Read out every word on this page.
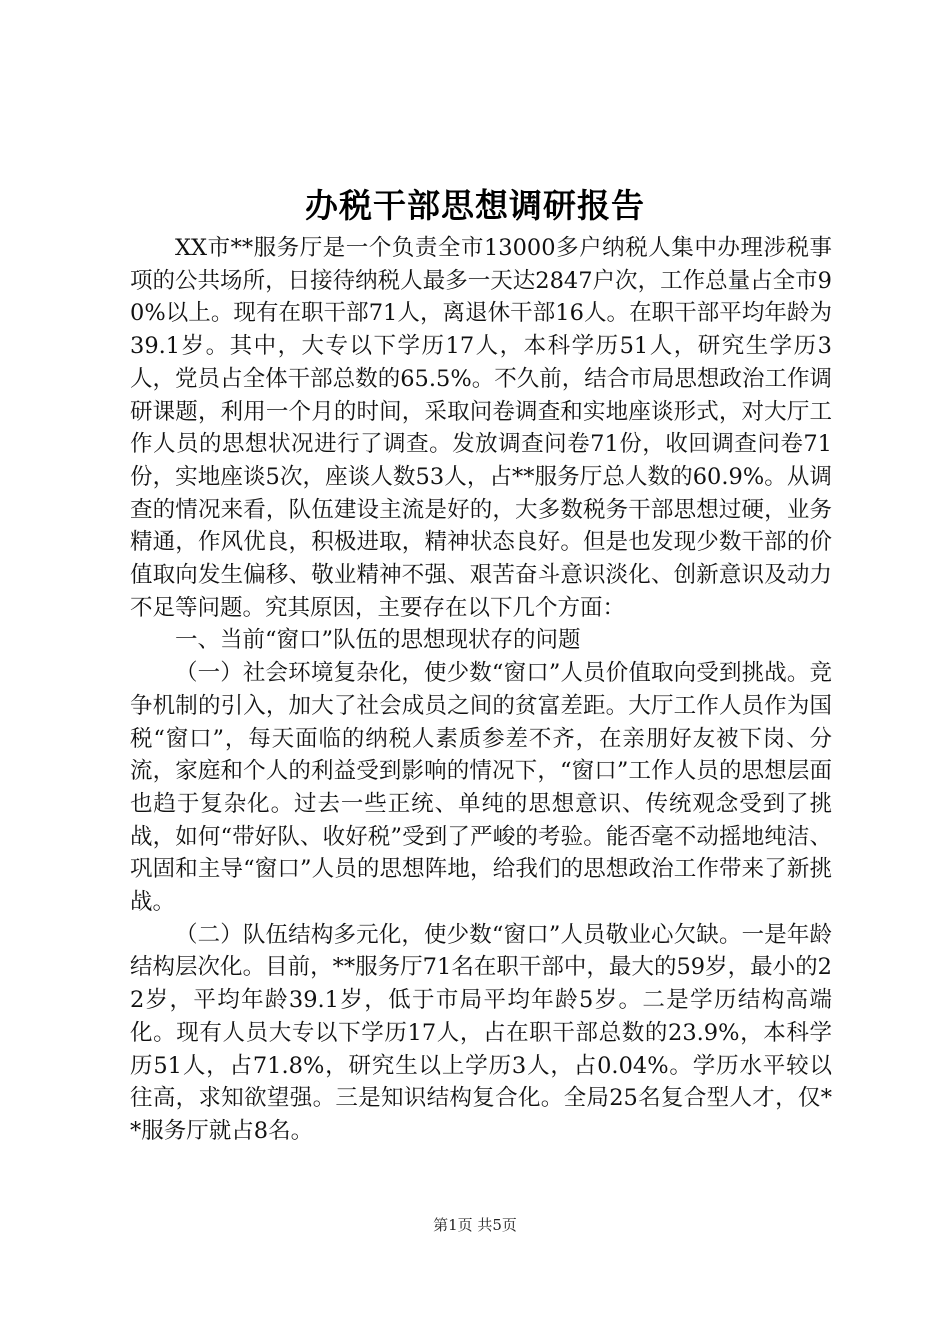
办税干部思想调研报告

XX市**服务厅是一个负责全市13000多户纳税人集中办理涉税事项的公共场所，日接待纳税人最多一天达2847户次，工作总量占全市90%以上。现有在职干部71人，离退休干部16人。在职干部平均年龄为39.1岁。其中，大专以下学历17人，本科学历51人，研究生学历3人，党员占全体干部总数的65.5%。不久前，结合市局思想政治工作调研课题，利用一个月的时间，采取问卷调查和实地座谈形式，对大厅工作人员的思想状况进行了调查。发放调查问卷71份，收回调查问卷71份，实地座谈5次，座谈人数53人，占**服务厅总人数的60.9%。从调查的情况来看，队伍建设主流是好的，大多数税务干部思想过硬，业务精通，作风优良，积极进取，精神状态良好。但是也发现少数干部的价值取向发生偏移、敬业精神不强、艰苦奋斗意识淡化、创新意识及动力不足等问题。究其原因，主要存在以下几个方面：

一、当前“窗口”队伍的思想现状存的问题

（一）社会环境复杂化，使少数“窗口”人员价值取向受到挑战。竞争机制的引入，加大了社会成员之间的贫富差距。大厅工作人员作为国税“窗口”，每天面临的纳税人素质参差不齐，在亲朋好友被下岗、分流，家庭和个人的利益受到影响的情况下，“窗口”工作人员的思想层面也趋于复杂化。过去一些正统、单纯的思想意识、传统观念受到了挑战，如何“带好队、收好税”受到了严峻的考验。能否毫不动摇地纯洁、巩固和主导“窗口”人员的思想阵地，给我们的思想政治工作带来了新挑战。

（二）队伍结构多元化，使少数“窗口”人员敬业心欠缺。一是年龄结构层次化。目前，**服务厅71名在职干部中，最大的59岁，最小的22岁，平均年龄39.1岁，低于市局平均年龄5岁。二是学历结构高端化。现有人员大专以下学历17人，占在职干部总数的23.9%，本科学历51人，占71.8%，研究生以上学历3人，占0.04%。学历水平较以往高，求知欲望强。三是知识结构复合化。全局25名复合型人才，仅**服务厅就占8名。

第1页 共5页
